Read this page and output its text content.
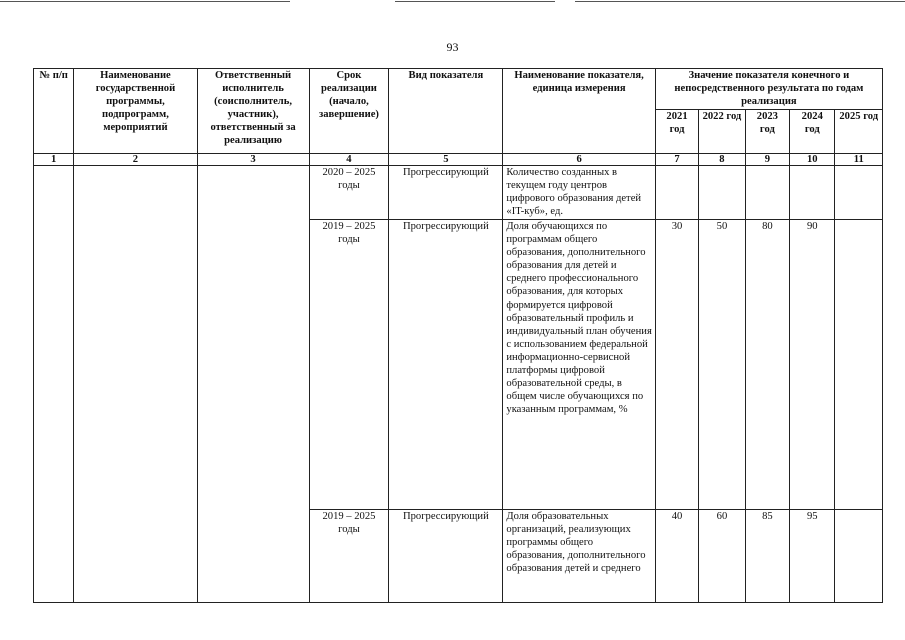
93
№ п/п	Наименование государственной программы, подпрограмм, мероприятий	Ответственный исполнитель (соисполнитель, участник), ответственный за реализацию	Срок реализации (начало, завершение)	Вид показателя	Наименование показателя, единица измерения	Значение показателя конечного и непосредственного результата по годам реализация				
						2021 год	2022 год	2023 год	2024 год	2025 год
1	2	3	4	5	6	7	8	9	10	11
			2020 – 2025 годы	Прогрессирующий	Количество созданных в текущем году центров цифрового образования детей «IT-куб», ед.					
			2019 – 2025 годы	Прогрессирующий	Доля обучающихся по программам общего образования, дополнительного образования для детей и среднего профессионального образования, для которых формируется цифровой образовательный профиль и индивидуальный план обучения с использованием федеральной информационно-сервисной платформы цифровой образовательной среды, в общем числе обучающихся по указанным программам, %	30	50	80	90	
			2019 – 2025 годы	Прогрессирующий	Доля образовательных организаций, реализующих программы общего образования, дополнительного образования детей и среднего	40	60	85	95	
